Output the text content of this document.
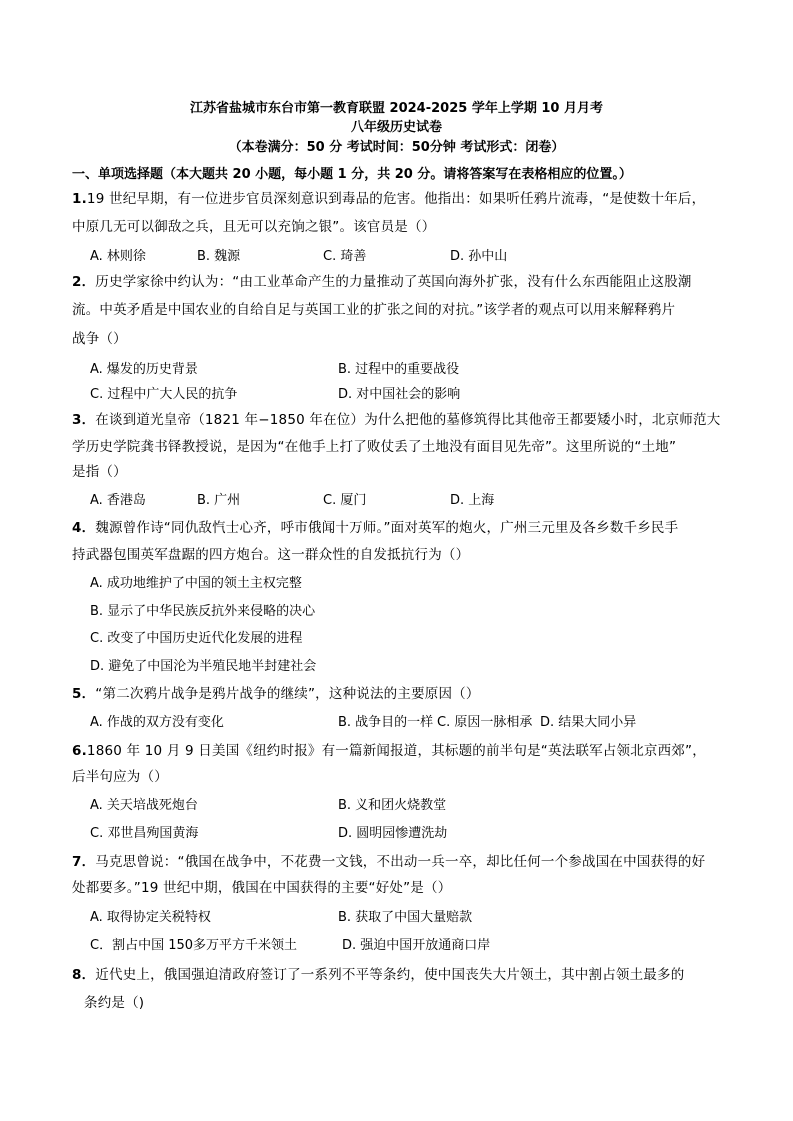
江苏省盐城市东台市第一教育联盟 2024-2025 学年上学期 10 月月考
八年级历史试卷
（本卷满分：50 分 考试时间：50分钟 考试形式：闭卷）
一、单项选择题（本大题共 20 小题，每小题 1 分，共 20 分。请将答案写在表格相应的位置。）
1.19 世纪早期，有一位进步官员深刻意识到毒品的危害。他指出：如果听任鸦片流毒，“是使数十年后，
中原几无可以御敌之兵，且无可以充饷之银”。该官员是（）
A. 林则徐	B. 魏源	C. 琦善	D. 孙中山
2．历史学家徐中约认为：“由工业革命产生的力量推动了英国向海外扩张，没有什么东西能阻止这股潮
流。中英矛盾是中国农业的自给自足与英国工业的扩张之间的对抗。”该学者的观点可以用来解释鸦片
战争（）
A. 爆发的历史背景	B. 过程中的重要战役
C. 过程中广大人民的抗争	D. 对中国社会的影响
3．在谈到道光皇帝（1821 年−1850 年在位）为什么把他的墓修筑得比其他帝王都要矮小时，北京师范大
学历史学院龚书铎教授说，是因为“在他手上打了败仗丢了土地没有面目见先帝”。这里所说的“土地”
是指（）
A. 香港岛	B. 广州	C. 厦门	D. 上海
4．魏源曾作诗“同仇敌忾士心齐，呼市俄闻十万师。”面对英军的炮火，广州三元里及各乡数千乡民手
持武器包围英军盘踞的四方炮台。这一群众性的自发抵抗行为（）
A. 成功地维护了中国的领土主权完整
B. 显示了中华民族反抗外来侵略的决心
C. 改变了中国历史近代化发展的进程
D. 避免了中国沦为半殖民地半封建社会
5．“第二次鸦片战争是鸦片战争的继续”，这种说法的主要原因（）
A. 作战的双方没有变化	B. 战争目的一样 C. 原因一脉相承 D. 结果大同小异
6.1860 年 10 月 9 日美国《纽约时报》有一篇新闻报道，其标题的前半句是“英法联军占领北京西郊”，
后半句应为（）
A. 关天培战死炮台	B. 义和团火烧教堂
C. 邓世昌殉国黄海	D. 圆明园惨遭洗劫
7．马克思曾说：“俄国在战争中，不花费一文钱，不出动一兵一卒，却比任何一个参战国在中国获得的好
处都要多。”19 世纪中期，俄国在中国获得的主要“好处”是（）
A. 取得协定关税特权	B. 获取了中国大量赔款
C．割占中国 150多万平方千米领土	D. 强迫中国开放通商口岸
8．近代史上，俄国强迫清政府签订了一系列不平等条约，使中国丧失大片领土，其中割占领土最多的
条约是（)
